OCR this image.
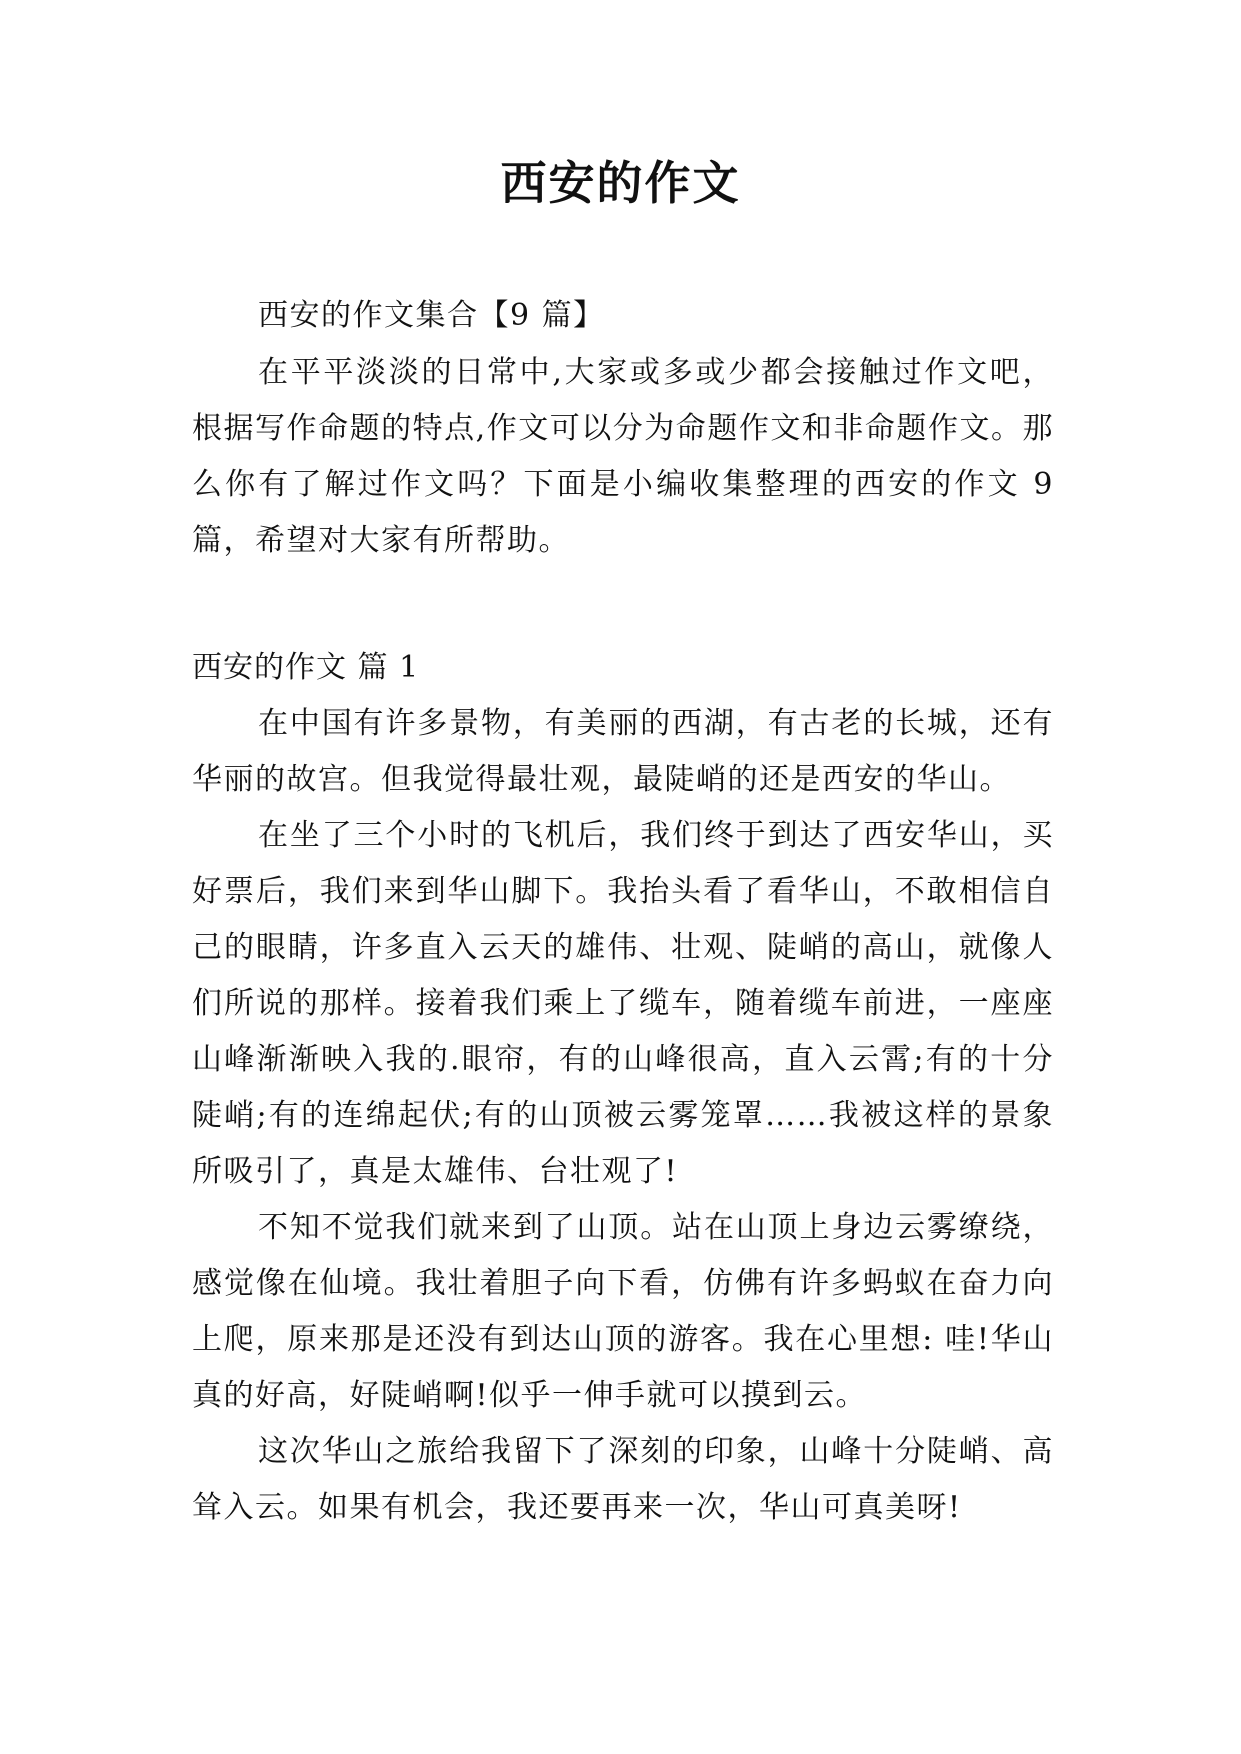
西安的作文
西安的作文集合【9 篇】

在平平淡淡的日常中,大家或多或少都会接触过作文吧，根据写作命题的特点,作文可以分为命题作文和非命题作文。那么你有了解过作文吗？下面是小编收集整理的西安的作文 9 篇，希望对大家有所帮助。

西安的作文 篇 1

在中国有许多景物，有美丽的西湖，有古老的长城，还有华丽的故宫。但我觉得最壮观，最陡峭的还是西安的华山。

在坐了三个小时的飞机后，我们终于到达了西安华山，买好票后，我们来到华山脚下。我抬头看了看华山，不敢相信自己的眼睛，许多直入云天的雄伟、壮观、陡峭的高山，就像人们所说的那样。接着我们乘上了缆车，随着缆车前进，一座座山峰渐渐映入我的.眼帘，有的山峰很高，直入云霄;有的十分陡峭;有的连绵起伏;有的山顶被云雾笼罩……我被这样的景象所吸引了，真是太雄伟、台壮观了!

不知不觉我们就来到了山顶。站在山顶上身边云雾缭绕，感觉像在仙境。我壮着胆子向下看，仿佛有许多蚂蚁在奋力向上爬，原来那是还没有到达山顶的游客。我在心里想: 哇!华山真的好高，好陡峭啊!似乎一伸手就可以摸到云。

这次华山之旅给我留下了深刻的印象，山峰十分陡峭、高耸入云。如果有机会，我还要再来一次，华山可真美呀!
